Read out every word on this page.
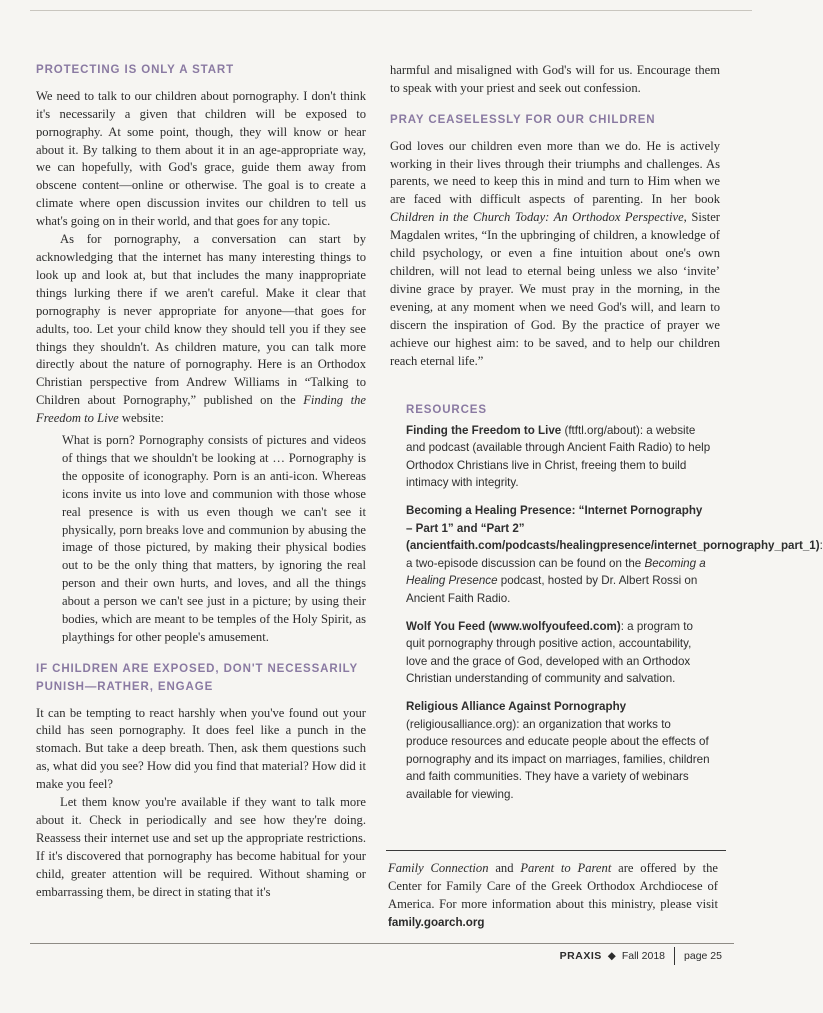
PROTECTING IS ONLY A START

We need to talk to our children about pornography. I don't think it's necessarily a given that children will be exposed to pornography. At some point, though, they will know or hear about it. By talking to them about it in an age-appropriate way, we can hopefully, with God's grace, guide them away from obscene content—online or otherwise. The goal is to create a climate where open discussion invites our children to tell us what's going on in their world, and that goes for any topic.

As for pornography, a conversation can start by acknowledging that the internet has many interesting things to look up and look at, but that includes the many inappropriate things lurking there if we aren't careful. Make it clear that pornography is never appropriate for anyone—that goes for adults, too. Let your child know they should tell you if they see things they shouldn't. As children mature, you can talk more directly about the nature of pornography. Here is an Orthodox Christian perspective from Andrew Williams in “Talking to Children about Pornography,” published on the Finding the Freedom to Live website:

What is porn? Pornography consists of pictures and videos of things that we shouldn't be looking at … Pornography is the opposite of iconography. Porn is an anti-icon. Whereas icons invite us into love and communion with those whose real presence is with us even though we can't see it physically, porn breaks love and communion by abusing the image of those pictured, by making their physical bodies out to be the only thing that matters, by ignoring the real person and their own hurts, and loves, and all the things about a person we can't see just in a picture; by using their bodies, which are meant to be temples of the Holy Spirit, as playthings for other people's amusement.
IF CHILDREN ARE EXPOSED, DON'T NECESSARILY PUNISH—RATHER, ENGAGE

It can be tempting to react harshly when you've found out your child has seen pornography. It does feel like a punch in the stomach. But take a deep breath. Then, ask them questions such as, what did you see? How did you find that material? How did it make you feel?

Let them know you're available if they want to talk more about it. Check in periodically and see how they're doing. Reassess their internet use and set up the appropriate restrictions. If it's discovered that pornography has become habitual for your child, greater attention will be required. Without shaming or embarrassing them, be direct in stating that it's

harmful and misaligned with God's will for us. Encourage them to speak with your priest and seek out confession.

PRAY CEASELESSLY FOR OUR CHILDREN

God loves our children even more than we do. He is actively working in their lives through their triumphs and challenges. As parents, we need to keep this in mind and turn to Him when we are faced with difficult aspects of parenting. In her book Children in the Church Today: An Orthodox Perspective, Sister Magdalen writes, “In the upbringing of children, a knowledge of child psychology, or even a fine intuition about one's own children, will not lead to eternal being unless we also ‘invite’ divine grace by prayer. We must pray in the morning, in the evening, at any moment when we need God's will, and learn to discern the inspiration of God. By the practice of prayer we achieve our highest aim: to be saved, and to help our children reach eternal life.”

RESOURCES
Finding the Freedom to Live (ftftl.org/about): a website and podcast (available through Ancient Faith Radio) to help Orthodox Christians live in Christ, freeing them to build intimacy with integrity.
Becoming a Healing Presence: “Internet Pornography – Part 1” and “Part 2” (ancientfaith.com/podcasts/healingpresence/internet_pornography_part_1): a two-episode discussion can be found on the Becoming a Healing Presence podcast, hosted by Dr. Albert Rossi on Ancient Faith Radio.
Wolf You Feed (www.wolfyoufeed.com): a program to quit pornography through positive action, accountability, love and the grace of God, developed with an Orthodox Christian understanding of community and salvation.
Religious Alliance Against Pornography (religiousalliance.org): an organization that works to produce resources and educate people about the effects of pornography and its impact on marriages, families, children and faith communities. They have a variety of webinars available for viewing.
Family Connection and Parent to Parent are offered by the Center for Family Care of the Greek Orthodox Archdiocese of America. For more information about this ministry, please visit family.goarch.org
PRAXIS ◆ Fall 2018 page 25
